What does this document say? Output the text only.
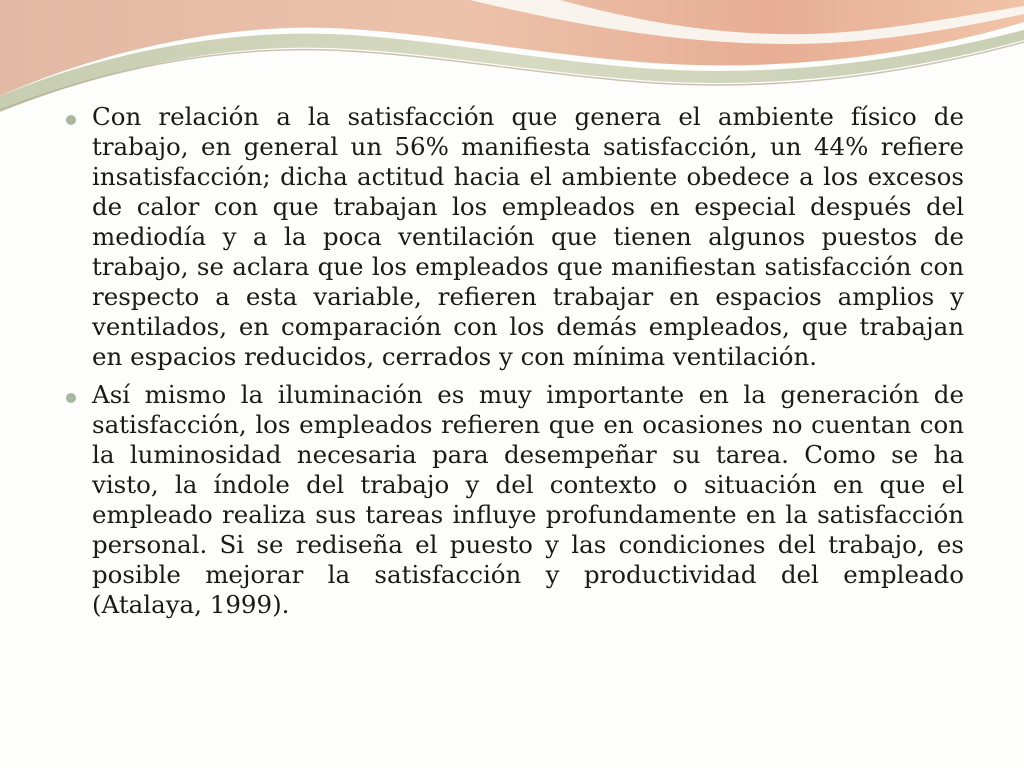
Con relación a la satisfacción que genera el ambiente físico de trabajo, en general un 56% manifiesta satisfacción, un 44% refiere insatisfacción; dicha actitud hacia el ambiente obedece a los excesos de calor con que trabajan los empleados en especial después del mediodía y a la poca ventilación que tienen algunos puestos de trabajo, se aclara que los empleados que manifiestan satisfacción con respecto a esta variable, refieren trabajar en espacios amplios y ventilados, en comparación con los demás empleados, que trabajan en espacios reducidos, cerrados y con mínima ventilación.
Así mismo la iluminación es muy importante en la generación de satisfacción, los empleados refieren que en ocasiones no cuentan con la luminosidad necesaria para desempeñar su tarea. Como se ha visto, la índole del trabajo y del contexto o situación en que el empleado realiza sus tareas influye profundamente en la satisfacción personal. Si se rediseña el puesto y las condiciones del trabajo, es posible mejorar la satisfacción y productividad del empleado (Atalaya, 1999).
